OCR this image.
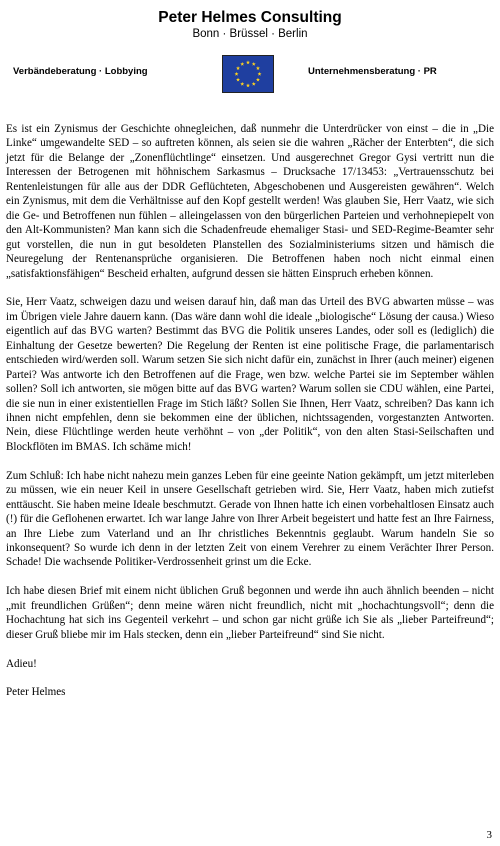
Peter Helmes Consulting
Bonn · Brüssel · Berlin
Verbändeberatung · Lobbying	Unternehmensberatung · PR

Es ist ein Zynismus der Geschichte ohnegleichen, daß nunmehr die Unterdrücker von einst – die in „Die Linke“ umgewandelte SED – so auftreten können, als seien sie die wahren „Rächer der Enterbten“, die sich jetzt für die Belange der „Zonenflüchtlinge“ einsetzen. Und ausgerechnet Gregor Gysi vertritt nun die Interessen der Betrogenen mit höhnischem Sarkasmus – Drucksache 17/13453: „Vertrauensschutz bei Rentenleistungen für alle aus der DDR Geflüchteten, Abgeschobenen und Ausgereisten gewähren“. Welch ein Zynismus, mit dem die Verhältnisse auf den Kopf gestellt werden! Was glauben Sie, Herr Vaatz, wie sich die Ge- und Betroffenen nun fühlen – alleingelassen von den bürgerlichen Parteien und verhohnepiepelt von den Alt-Kommunisten? Man kann sich die Schadenfreude ehemaliger Stasi- und SED-Regime-Beamter sehr gut vorstellen, die nun in gut besoldeten Planstellen des Sozialministeriums sitzen und hämisch die Neuregelung der Rentenansprüche organisieren. Die Betroffenen haben noch nicht einmal einen „satisfaktionsfähigen“ Bescheid erhalten, aufgrund dessen sie hätten Einspruch erheben können.

Sie, Herr Vaatz, schweigen dazu und weisen darauf hin, daß man das Urteil des BVG abwarten müsse – was im Übrigen viele Jahre dauern kann. (Das wäre dann wohl die ideale „biologische“ Lösung der causa.) Wieso eigentlich auf das BVG warten? Bestimmt das BVG die Politik unseres Landes, oder soll es (lediglich) die Einhaltung der Gesetze bewerten? Die Regelung der Renten ist eine politische Frage, die parlamentarisch entschieden wird/werden soll. Warum setzen Sie sich nicht dafür ein, zunächst in Ihrer (auch meiner) eigenen Partei? Was antworte ich den Betroffenen auf die Frage, wen bzw. welche Partei sie im September wählen sollen? Soll ich antworten, sie mögen bitte auf das BVG warten? Warum sollen sie CDU wählen, eine Partei, die sie nun in einer existentiellen Frage im Stich läßt? Sollen Sie Ihnen, Herr Vaatz, schreiben? Das kann ich ihnen nicht empfehlen, denn sie bekommen eine der üblichen, nichtssagenden, vorgestanzten Antworten. Nein, diese Flüchtlinge werden heute verhöhnt – von „der Politik“, von den alten Stasi-Seilschaften und Blockflöten im BMAS. Ich schäme mich!

Zum Schluß: Ich habe nicht nahezu mein ganzes Leben für eine geeinte Nation gekämpft, um jetzt miterleben zu müssen, wie ein neuer Keil in unsere Gesellschaft getrieben wird. Sie, Herr Vaatz, haben mich zutiefst enttäuscht. Sie haben meine Ideale beschmutzt. Gerade von Ihnen hatte ich einen vorbehaltlosen Einsatz auch (!) für die Geflohenen erwartet. Ich war lange Jahre von Ihrer Arbeit begeistert und hatte fest an Ihre Fairness, an Ihre Liebe zum Vaterland und an Ihr christliches Bekenntnis geglaubt. Warum handeln Sie so inkonsequent? So wurde ich denn in der letzten Zeit von einem Verehrer zu einem Verächter Ihrer Person. Schade! Die wachsende Politiker-Verdrossenheit grinst um die Ecke.

Ich habe diesen Brief mit einem nicht üblichen Gruß begonnen und werde ihn auch ähnlich beenden – nicht „mit freundlichen Grüßen“; denn meine wären nicht freundlich, nicht mit „hochachtungsvoll“; denn die Hochachtung hat sich ins Gegenteil verkehrt – und schon gar nicht grüße ich Sie als „lieber Parteifreund“; dieser Gruß bliebe mir im Hals stecken, denn ein „lieber Parteifreund“ sind Sie nicht.

Adieu!
Peter Helmes
3
